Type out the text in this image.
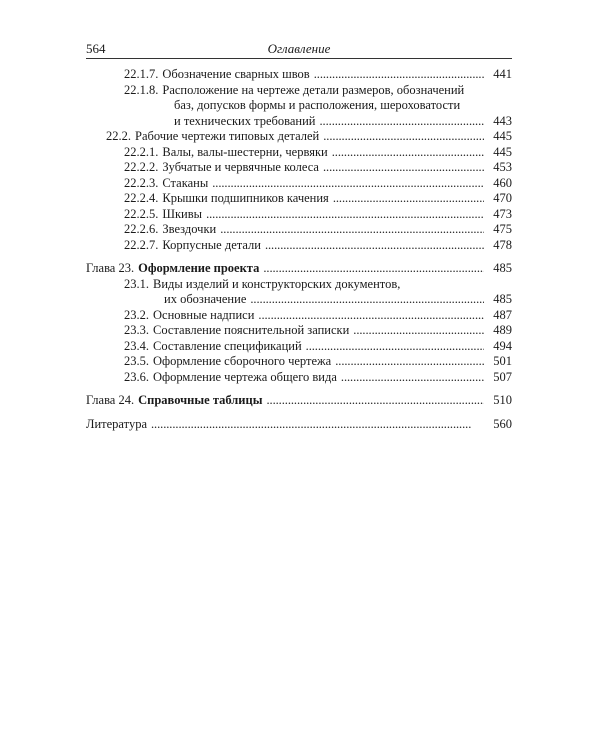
564	Оглавление
22.1.7. Обозначение сварных швов . . .	441
22.1.8. Расположение на чертеже детали размеров, обозначений
баз, допусков формы и расположения, шероховатости
и технических требований . . .	443
22.2. Рабочие чертежи типовых деталей . . .	445
22.2.1. Валы, валы-шестерни, червяки . . .	445
22.2.2. Зубчатые и червячные колеса . . .	453
22.2.3. Стаканы . . .	460
22.2.4. Крышки подшипников качения . . .	470
22.2.5. Шкивы . . .	473
22.2.6. Звездочки . . .	475
22.2.7. Корпусные детали . . .	478
Глава 23. Оформление проекта . . .	485
23.1. Виды изделий и конструкторских документов,
их обозначение . . .	485
23.2. Основные надписи . . .	487
23.3. Составление пояснительной записки . . .	489
23.4. Составление спецификаций . . .	494
23.5. Оформление сборочного чертежа . . .	501
23.6. Оформление чертежа общего вида . . .	507
Глава 24. Справочные таблицы . . .	510
Литература . . .	560
